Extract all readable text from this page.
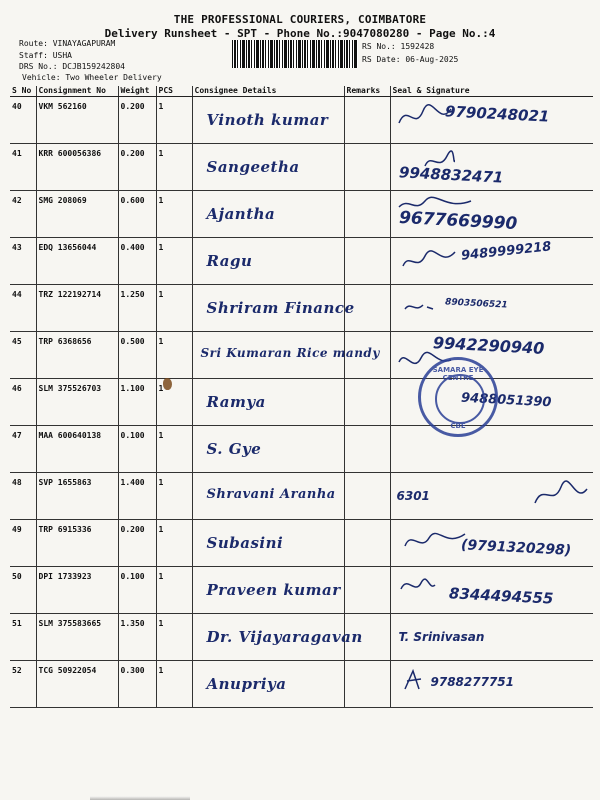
THE PROFESSIONAL COURIERS, COIMBATORE
Delivery Runsheet - SPT - Phone No.:9047080280 - Page No.:4
Route: VINAYAGAPURAM
Staff: USHA
DRS No.: DCJB159242804
Vehicle: Two Wheeler Delivery
RS No.: 1592428
RS Date: 06-Aug-2025
S No	Consignment No	Weight	PCS	Consignee Details	Remarks	Seal & Signature
40	VKM 562160	0.200	1	Vinoth kumar		9790248021

41	KRR 600056386	0.200	1	Sangeetha		9948832471

42	SMG 208069	0.600	1	Ajantha		9677669990

43	EDQ 13656044	0.400	1	Ragu		9489999218

44	TRZ 122192714	1.250	1	Shriram Finance		8903506521

45	TRP 6368656	0.500	1	Sri Kumaran Rice mandy		9942290940

46	SLM 375526703	1.100	1	Ramya		9488051390

47	MAA 600640138	0.100	1	S. Gye		

48	SVP 1655863	1.400	1	Shravani Aranha		6301

49	TRP 6915336	0.200	1	Subasini		(9791320298)

50	DPI 1733923	0.100	1	Praveen kumar		8344494555

51	SLM 375583665	1.350	1	Dr. Vijayaragavan		T. Srinivasan

52	TCG 50922054	0.300	1	Anupriya		9788277751
SAMARA EYE CENTRE
CBE
